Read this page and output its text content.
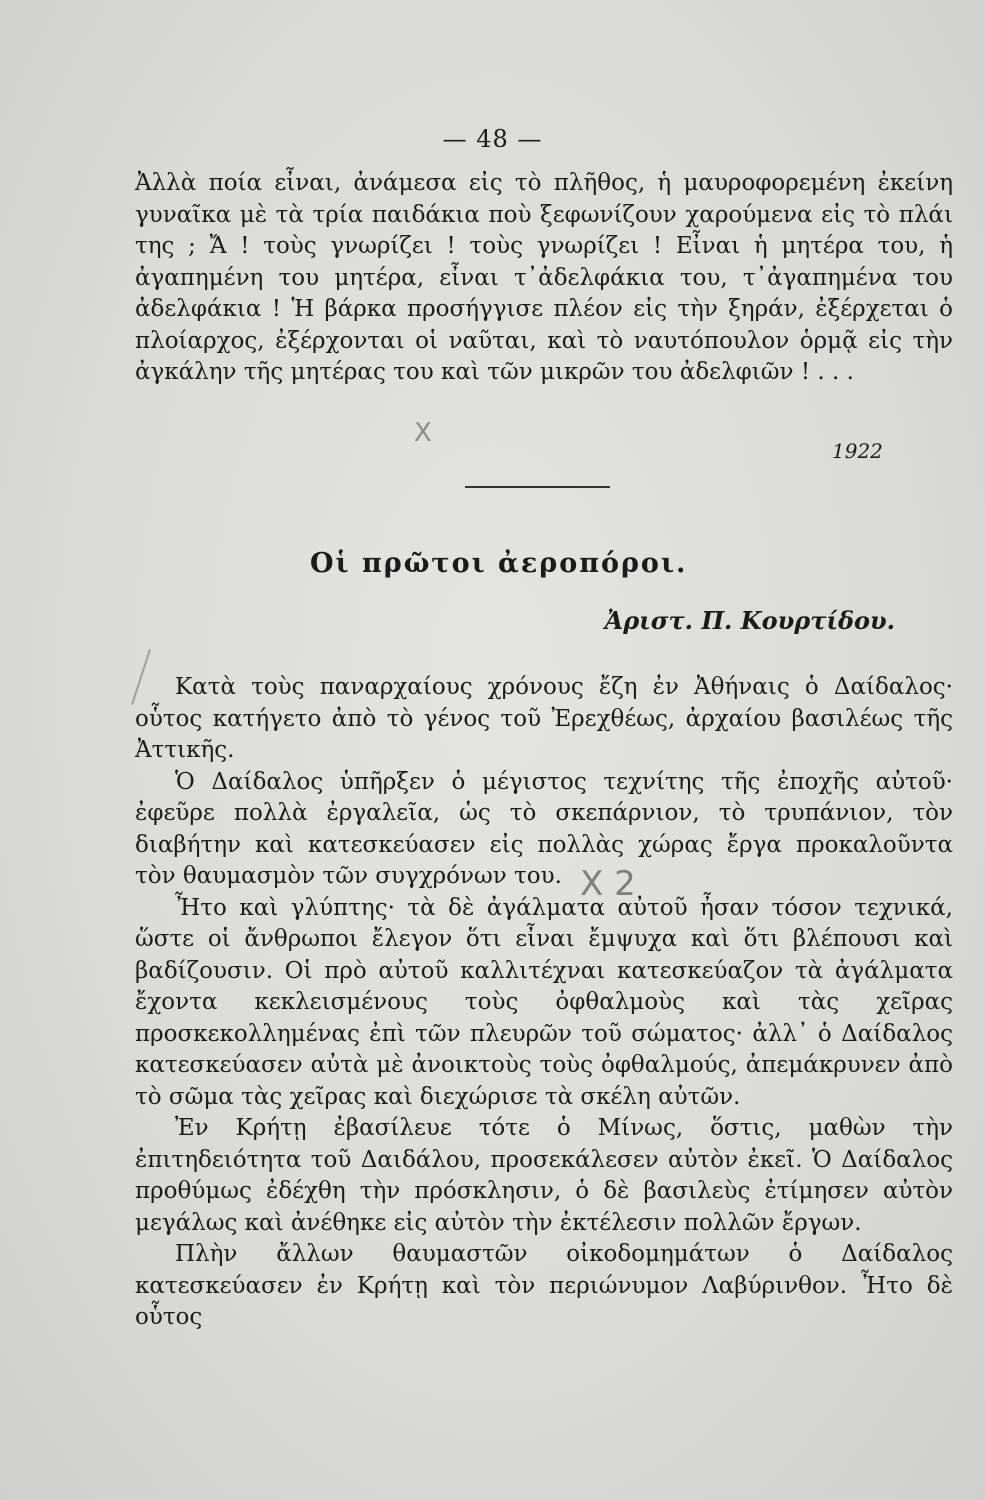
— 48 —

Ἀλλὰ ποία εἶναι, ἀνάμεσα εἰς τὸ πλῆθος, ἡ μαυροφορεμένη ἐκείνη γυναῖκα μὲ τὰ τρία παιδάκια ποὺ ξεφωνίζουν χαρούμενα εἰς τὸ πλάι της ; Ἄ ! τοὺς γνωρίζει ! τοὺς γνωρίζει ! Εἶναι ἡ μητέρα του, ἡ ἀγαπημένη του μητέρα, εἶναι τ᾽ἀδελφάκια του, τ᾽ἀγαπημένα του ἀδελφάκια ! Ἡ βάρκα προσήγγισε πλέον εἰς τὴν ξηράν, ἐξέρχεται ὁ πλοίαρχος, ἐξέρχονται οἱ ναῦται, καὶ τὸ ναυτόπουλον ὁρμᾷ εἰς τὴν ἀγκάλην τῆς μητέρας του καὶ τῶν μικρῶν του ἀδελφιῶν ! . . .

1922
Οἱ πρῶτοι ἀεροπόροι.
Ἀριστ. Π. Κουρτίδου.

Κατὰ τοὺς παναρχαίους χρόνους ἔζη ἐν Ἀθήναις ὁ Δαίδαλος· οὗτος κατήγετο ἀπὸ τὸ γένος τοῦ Ἐρεχθέως, ἀρχαίου βασιλέως τῆς Ἀττικῆς.

Ὁ Δαίδαλος ὑπῆρξεν ὁ μέγιστος τεχνίτης τῆς ἐποχῆς αὐτοῦ· ἐφεῦρε πολλὰ ἐργαλεῖα, ὡς τὸ σκεπάρνιον, τὸ τρυπάνιον, τὸν διαβήτην καὶ κατεσκεύασεν εἰς πολλὰς χώρας ἔργα προκαλοῦντα τὸν θαυμασμὸν τῶν συγχρόνων του.

Ἦτο καὶ γλύπτης· τὰ δὲ ἀγάλματα αὐτοῦ ἦσαν τόσον τεχνικά, ὥστε οἱ ἄνθρωποι ἔλεγον ὅτι εἶναι ἔμψυχα καὶ ὅτι βλέπουσι καὶ βαδίζουσιν. Οἱ πρὸ αὐτοῦ καλλιτέχναι κατεσκεύαζον τὰ ἀγάλματα ἔχοντα κεκλεισμένους τοὺς ὀφθαλμοὺς καὶ τὰς χεῖρας προσκεκολλημένας ἐπὶ τῶν πλευρῶν τοῦ σώματος· ἀλλ᾽ ὁ Δαίδαλος κατεσκεύασεν αὐτὰ μὲ ἀνοικτοὺς τοὺς ὀφθαλμούς, ἀπεμάκρυνεν ἀπὸ τὸ σῶμα τὰς χεῖρας καὶ διεχώρισε τὰ σκέλη αὐτῶν.

Ἐν Κρήτῃ ἐβασίλευε τότε ὁ Μίνως, ὅστις, μαθὼν τὴν ἐπιτηδειότητα τοῦ Δαιδάλου, προσεκάλεσεν αὐτὸν ἐκεῖ. Ὁ Δαίδαλος προθύμως ἐδέχθη τὴν πρόσκλησιν, ὁ δὲ βασιλεὺς ἐτίμησεν αὐτὸν μεγάλως καὶ ἀνέθηκε εἰς αὐτὸν τὴν ἐκτέλεσιν πολλῶν ἔργων.

Πλὴν ἄλλων θαυμαστῶν οἰκοδομημάτων ὁ Δαίδαλος κατεσκεύασεν ἐν Κρήτῃ καὶ τὸν περιώνυμον Λαβύρινθον. Ἦτο δὲ οὗτος

X
X 2
